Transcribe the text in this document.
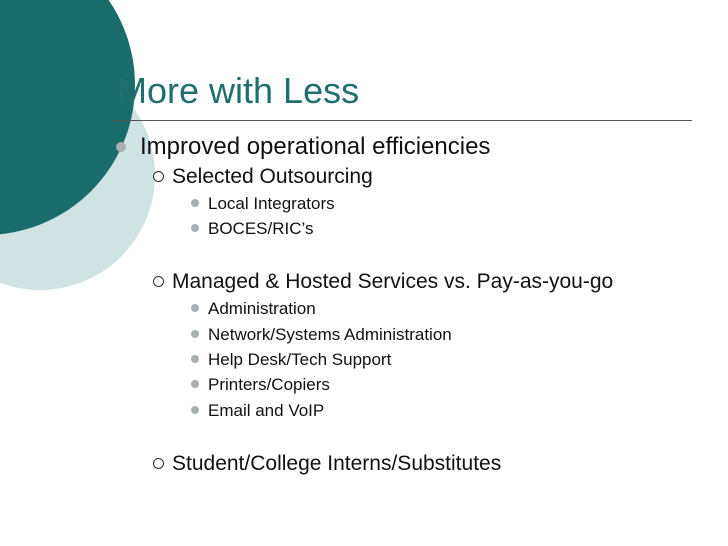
More with Less
Improved operational efficiencies
Selected Outsourcing
Local Integrators
BOCES/RIC’s
Managed & Hosted Services vs. Pay-as-you-go
Administration
Network/Systems Administration
Help Desk/Tech Support
Printers/Copiers
Email and VoIP
Student/College Interns/Substitutes
